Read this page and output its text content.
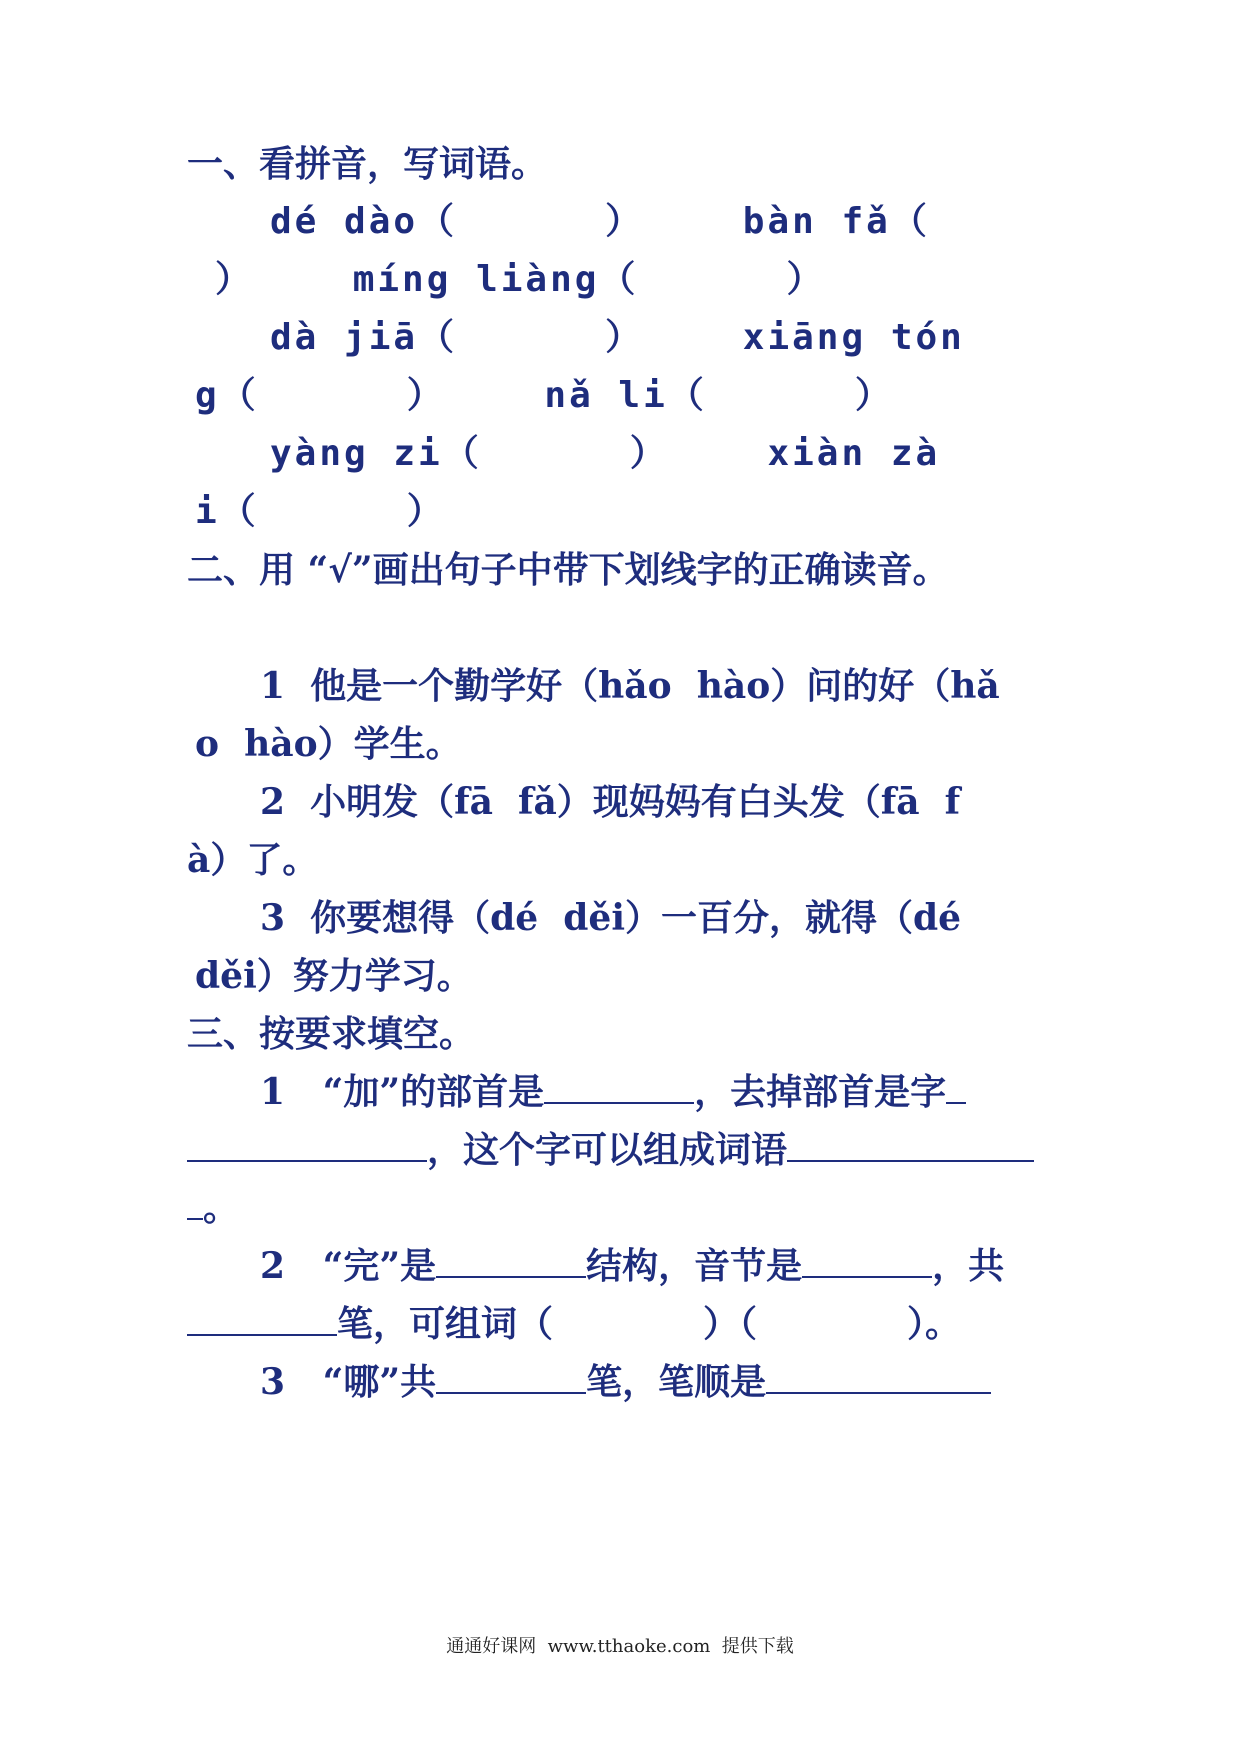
一、看拼音，写词语。

dé dào（      ）    bàn fǎ（

）    míng liàng（      ）

dà jiā（      ）    xiāng tón

g（      ）    nǎ li（      ）

yàng zi（      ）    xiàn zà

i（      ）

二、用 “√”画出句子中带下划线字的正确读音。

1  他是一个勤学好（hǎo  hào）问的好（hǎ

o  hào）学生。

2  小明发（fā  fǎ）现妈妈有白头发（fā  f

à）了。

3  你要想得（dé  děi）一百分，就得（dé

děi）努力学习。

三、按要求填空。

1 “加”的部首是	，去掉部首是字

，这个字可以组成词语

。

2 “完”是	结构，音节是	，共

笔，可组词（	）（	）。

3 “哪”共	笔，笔顺是

通通好课网  www.tthaoke.com  提供下载
